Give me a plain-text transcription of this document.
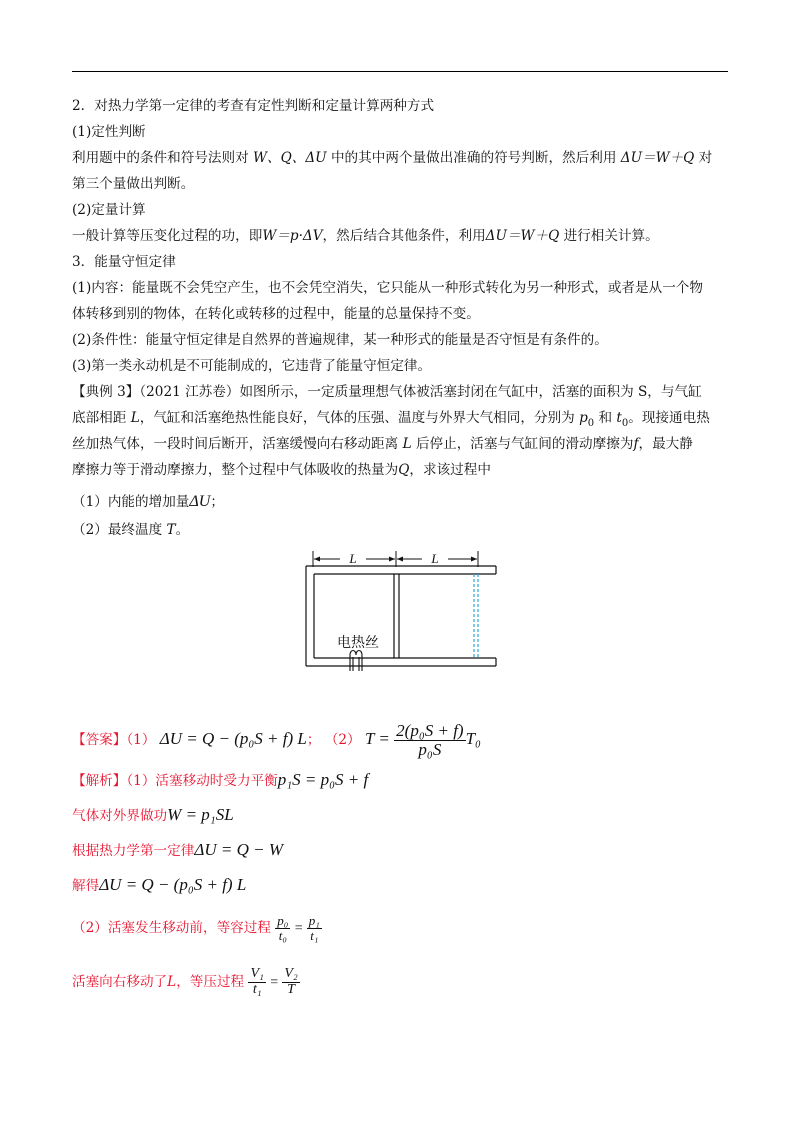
2．对热力学第一定律的考查有定性判断和定量计算两种方式
(1)定性判断
利用题中的条件和符号法则对 W、Q、ΔU 中的其中两个量做出准确的符号判断，然后利用 ΔU＝W＋Q 对
第三个量做出判断。
(2)定量计算
一般计算等压变化过程的功，即W＝p·ΔV，然后结合其他条件，利用ΔU＝W＋Q 进行相关计算。
3．能量守恒定律
(1)内容：能量既不会凭空产生，也不会凭空消失，它只能从一种形式转化为另一种形式，或者是从一个物
体转移到别的物体，在转化或转移的过程中，能量的总量保持不变。
(2)条件性：能量守恒定律是自然界的普遍规律，某一种形式的能量是否守恒是有条件的。
(3)第一类永动机是不可能制成的，它违背了能量守恒定律。
【典例 3】（2021 江苏卷）如图所示，一定质量理想气体被活塞封闭在气缸中，活塞的面积为 S，与气缸
底部相距 L，气缸和活塞绝热性能良好，气体的压强、温度与外界大气相同，分别为 $p_0$ 和 $t_0$。现接通电热
丝加热气体，一段时间后断开，活塞缓慢向右移动距离 L 后停止，活塞与气缸间的滑动摩擦为f，最大静
摩擦力等于滑动摩擦力，整个过程中气体吸收的热量为Q，求该过程中
（1）内能的增加量ΔU；
（2）最终温度 T。
L	L
电热丝
【答案】（1） ΔU = Q − (p₀S + f) L； （2） $T = \frac{\text{2(p₀S + f)}}{\text{p₀S}} T_0$
【解析】（1）活塞移动时受力平衡p₁S = p₀S + f
气体对外界做功W = p₁SL
根据热力学第一定律ΔU = Q − W
解得ΔU = Q − (p₀S + f) L
（2）活塞发生移动前，等容过程 $\frac{\text{p₀}}{\text{t₀}} = \frac{\text{p₁}}{\text{t₁}}$
活塞向右移动了L，等压过程 $\frac{\text{V₁}}{\text{t₁}} = \frac{\text{V₂}}{T}$
